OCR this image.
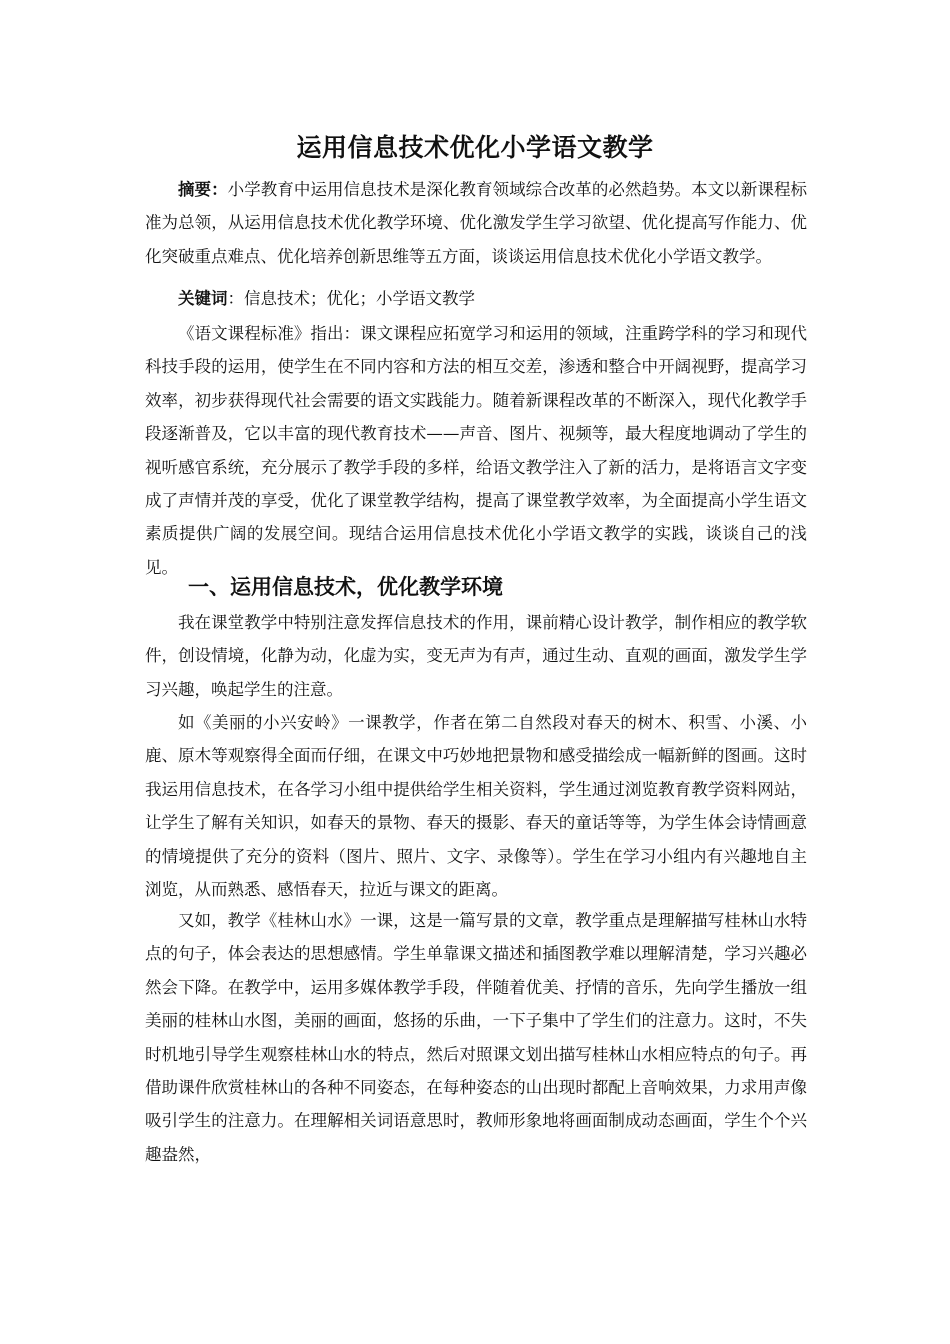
运用信息技术优化小学语文教学

摘要：小学教育中运用信息技术是深化教育领域综合改革的必然趋势。本文以新课程标准为总领，从运用信息技术优化教学环境、优化激发学生学习欲望、优化提高写作能力、优化突破重点难点、优化培养创新思维等五方面，谈谈运用信息技术优化小学语文教学。

关键词：信息技术；优化；小学语文教学

《语文课程标准》指出：课文课程应拓宽学习和运用的领域，注重跨学科的学习和现代科技手段的运用，使学生在不同内容和方法的相互交差，渗透和整合中开阔视野，提高学习效率，初步获得现代社会需要的语文实践能力。随着新课程改革的不断深入，现代化教学手段逐渐普及，它以丰富的现代教育技术——声音、图片、视频等，最大程度地调动了学生的视听感官系统，充分展示了教学手段的多样，给语文教学注入了新的活力，是将语言文字变成了声情并茂的享受，优化了课堂教学结构，提高了课堂教学效率，为全面提高小学生语文素质提供广阔的发展空间。现结合运用信息技术优化小学语文教学的实践，谈谈自己的浅见。

一、运用信息技术，优化教学环境

我在课堂教学中特别注意发挥信息技术的作用，课前精心设计教学，制作相应的教学软件，创设情境，化静为动，化虚为实，变无声为有声，通过生动、直观的画面，激发学生学习兴趣，唤起学生的注意。

如《美丽的小兴安岭》一课教学，作者在第二自然段对春天的树木、积雪、小溪、小鹿、原木等观察得全面而仔细，在课文中巧妙地把景物和感受描绘成一幅新鲜的图画。这时我运用信息技术，在各学习小组中提供给学生相关资料，学生通过浏览教育教学资料网站，让学生了解有关知识，如春天的景物、春天的摄影、春天的童话等等，为学生体会诗情画意的情境提供了充分的资料（图片、照片、文字、录像等）。学生在学习小组内有兴趣地自主浏览，从而熟悉、感悟春天，拉近与课文的距离。

又如，教学《桂林山水》一课，这是一篇写景的文章，教学重点是理解描写桂林山水特点的句子，体会表达的思想感情。学生单靠课文描述和插图教学难以理解清楚，学习兴趣必然会下降。在教学中，运用多媒体教学手段，伴随着优美、抒情的音乐，先向学生播放一组美丽的桂林山水图，美丽的画面，悠扬的乐曲，一下子集中了学生们的注意力。这时，不失时机地引导学生观察桂林山水的特点，然后对照课文划出描写桂林山水相应特点的句子。再借助课件欣赏桂林山的各种不同姿态，在每种姿态的山出现时都配上音响效果，力求用声像吸引学生的注意力。在理解相关词语意思时，教师形象地将画面制成动态画面，学生个个兴趣盎然，
